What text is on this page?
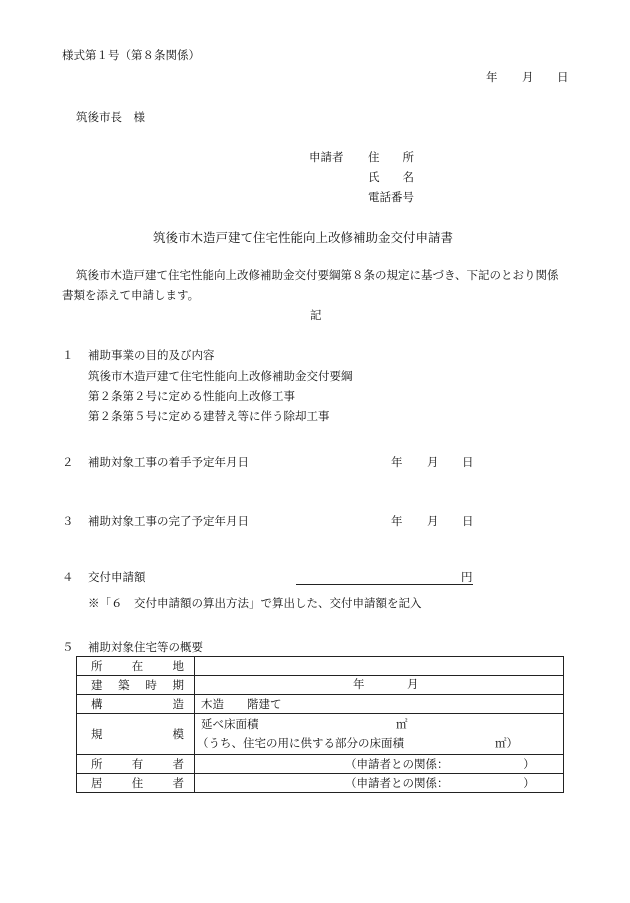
様式第１号（第８条関係）
年 月 日
筑後市長　様
申請者 住　　所
氏　　名
電話番号
筑後市木造戸建て住宅性能向上改修補助金交付申請書
筑後市木造戸建て住宅性能向上改修補助金交付要綱第８条の規定に基づき、下記のとおり関係
書類を添えて申請します。
記
１ 補助事業の目的及び内容
筑後市木造戸建て住宅性能向上改修補助金交付要綱
第２条第２号に定める性能向上改修工事
第２条第５号に定める建替え等に伴う除却工事
２ 補助対象工事の着手予定年月日	年 月 日
３ 補助対象工事の完了予定年月日	年 月 日
４ 交付申請額	円
※「６　交付申請額の算出方法」で算出した、交付申請額を記入
５ 補助対象住宅等の概要
所在地	
建築時期	年 月

構造	木造　　階建て
規模	延べ床面積 ㎡
（うち、住宅の用に供する部分の床面積 ㎡）

所有者	（申請者との関係：　　　　　　　）
居住者	（申請者との関係：　　　　　　　）
